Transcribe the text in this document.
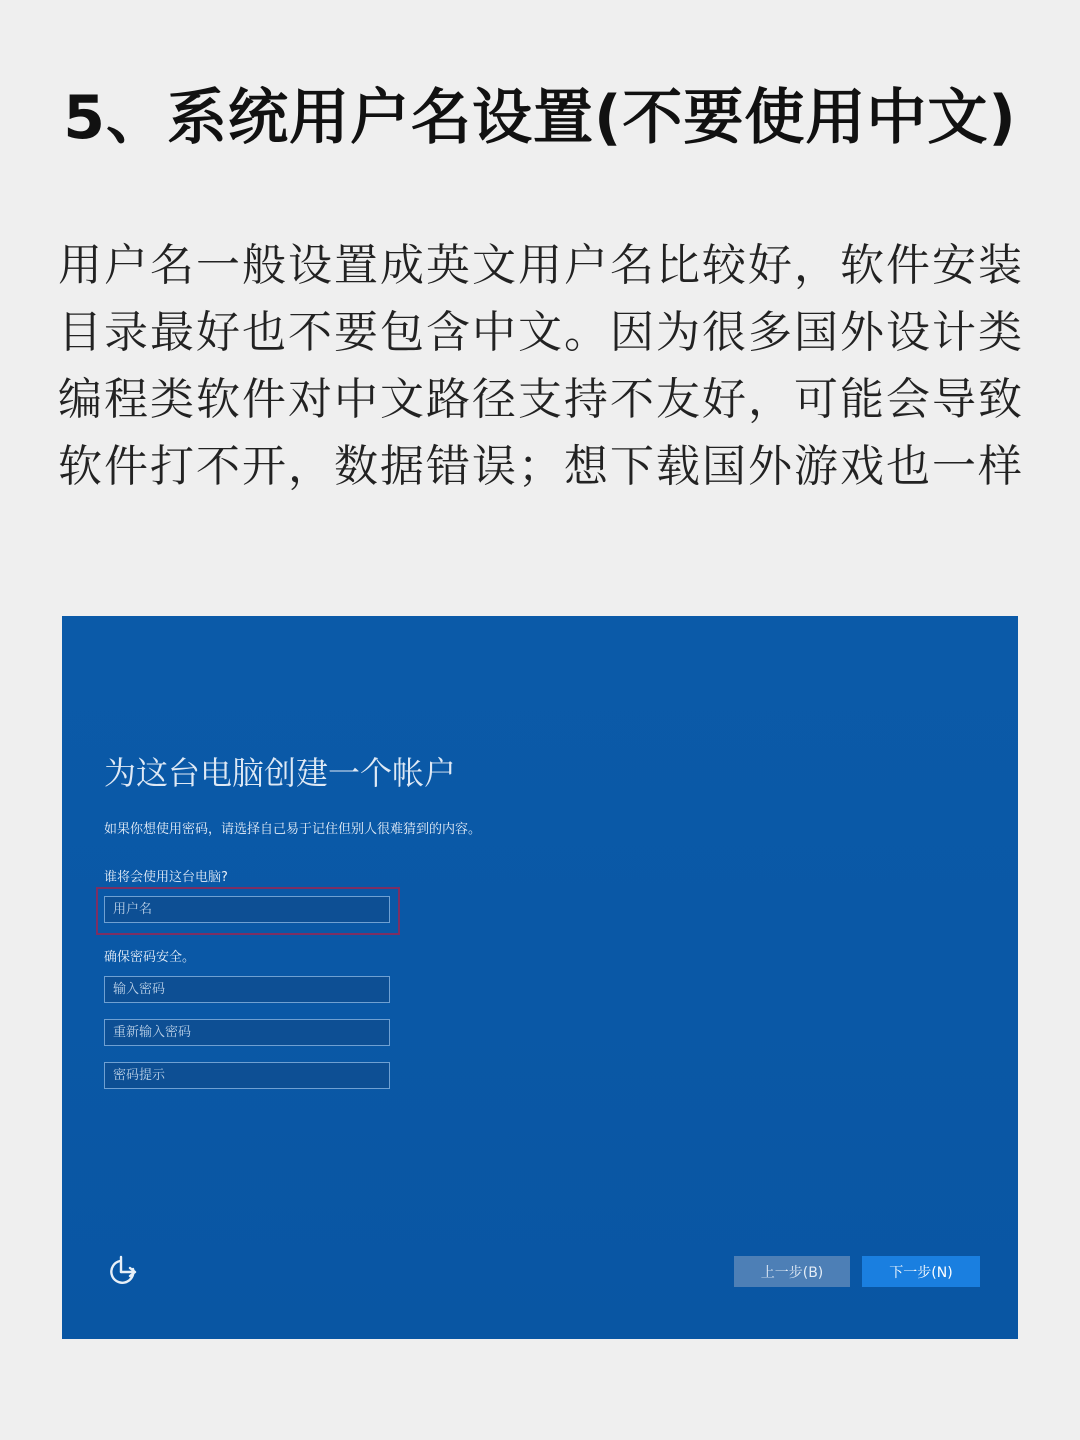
5、系统用户名设置(不要使用中文)
用户名一般设置成英文用户名比较好，软件安装目录最好也不要包含中文。因为很多国外设计类编程类软件对中文路径支持不友好，可能会导致软件打不开，数据错误；想下载国外游戏也一样
为这台电脑创建一个帐户
如果你想使用密码，请选择自己易于记住但别人很难猜到的内容。
谁将会使用这台电脑?
用户名
确保密码安全。
输入密码
重新输入密码
密码提示
上一步(B)	下一步(N)
